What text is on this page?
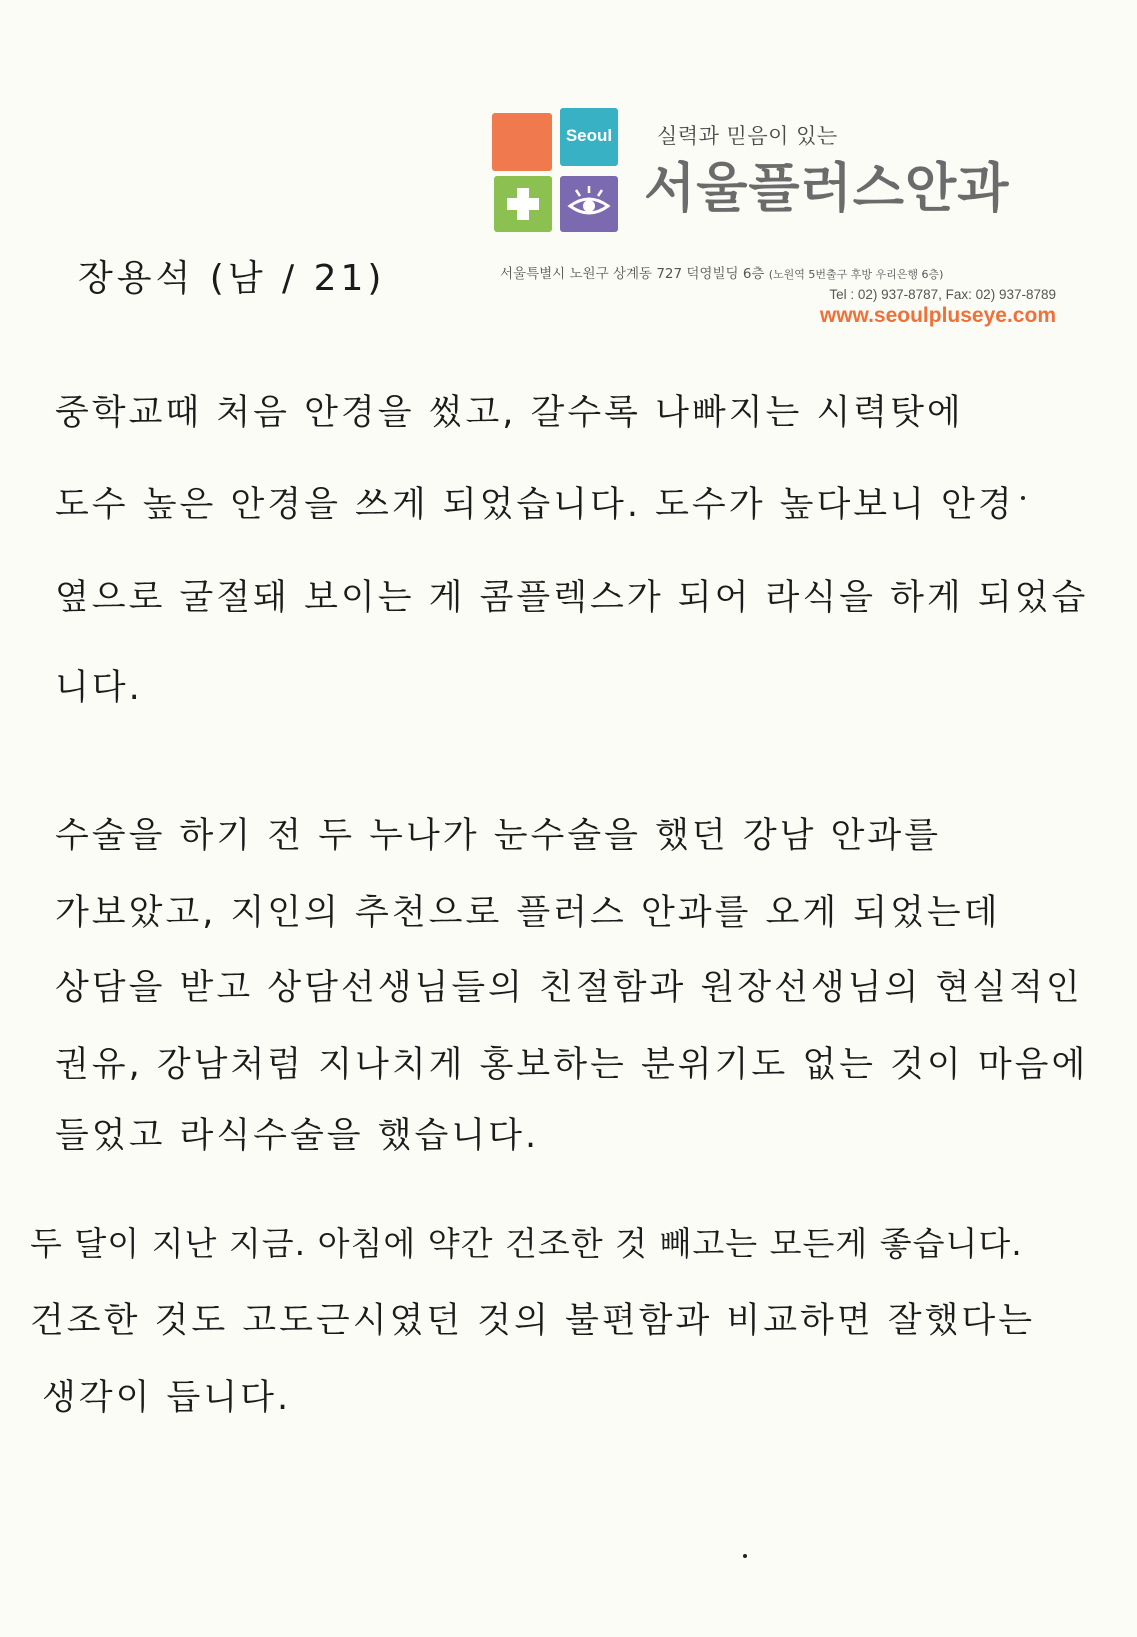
Seoul 실력과 믿음이 있는
서울플러스안과
서울특별시 노원구 상계동 727 덕영빌딩 6층 (노원역 5번출구 후방 우리은행 6층)
Tel : 02) 937-8787, Fax: 02) 937-8789
www.seoulpluseye.com
장용석 (남 / 21)
중학교때 처음 안경을 썼고, 갈수록 나빠지는 시력탓에
도수 높은 안경을 쓰게 되었습니다. 도수가 높다보니 안경
옆으로 굴절돼 보이는 게 콤플렉스가 되어 라식을 하게 되었습
니다.
수술을 하기 전 두 누나가 눈수술을 했던 강남 안과를
가보았고, 지인의 추천으로 플러스 안과를 오게 되었는데
상담을 받고 상담선생님들의 친절함과 원장선생님의 현실적인
권유, 강남처럼 지나치게 홍보하는 분위기도 없는 것이 마음에
들었고 라식수술을 했습니다.
두 달이 지난 지금. 아침에 약간 건조한 것 빼고는 모든게 좋습니다.
건조한 것도 고도근시였던 것의 불편함과 비교하면 잘했다는
생각이 듭니다.
